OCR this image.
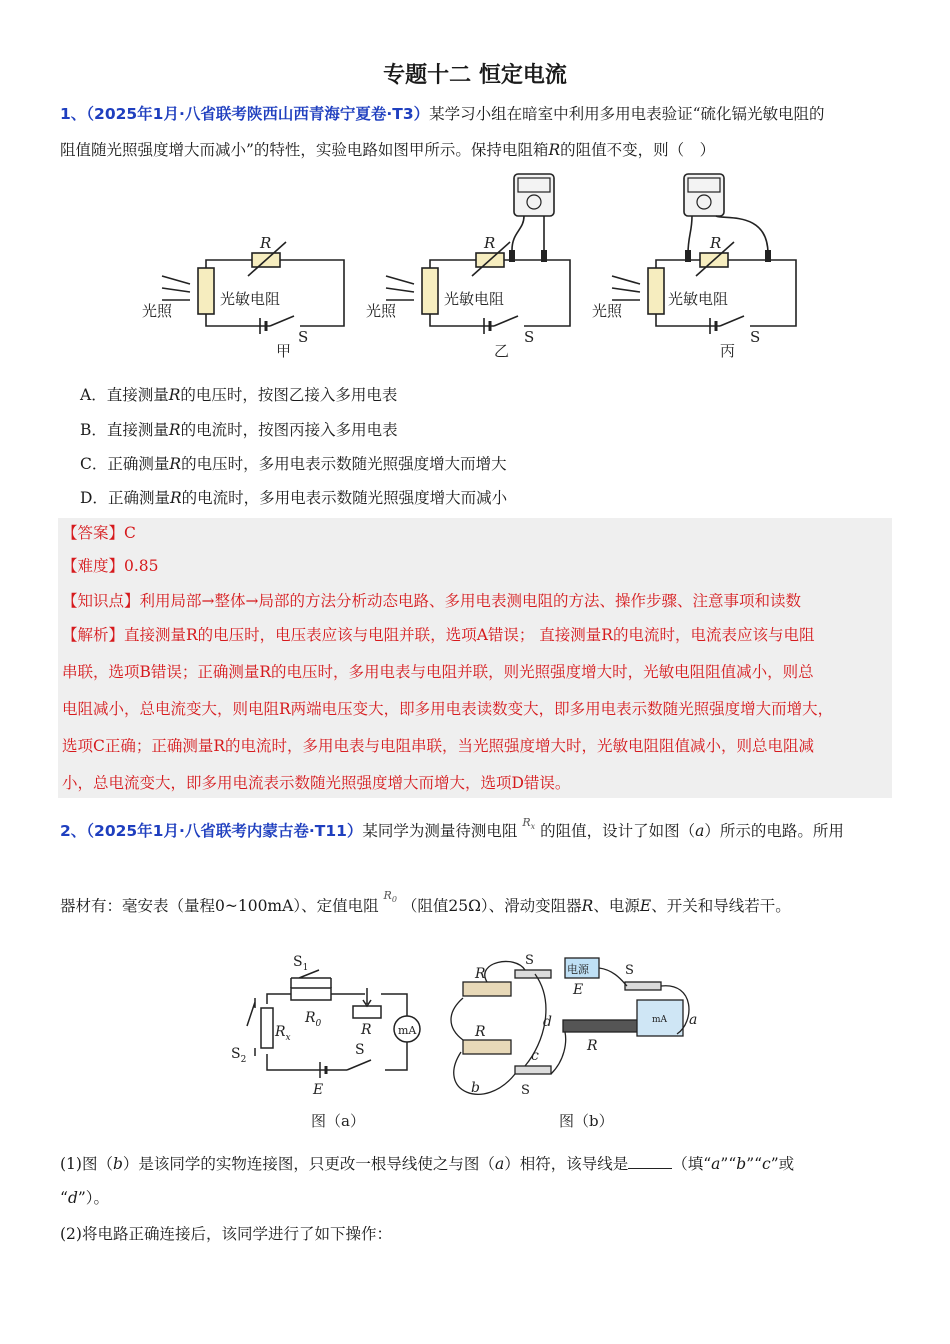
专题十二 恒定电流
1、（2025年1月·八省联考陕西山西青海宁夏卷·T3）某学习小组在暗室中利用多用电表验证“硫化镉光敏电阻的
阻值随光照强度增大而减小”的特性，实验电路如图甲所示。保持电阻箱R的阻值不变，则（　）
光照
光敏电阻
R
S
甲
光照
光敏电阻
R
S
乙
光照
光敏电阻
R
S
丙
A．直接测量R的电压时，按图乙接入多用电表
B．直接测量R的电流时，按图丙接入多用电表
C．正确测量R的电压时，多用电表示数随光照强度增大而增大
D．正确测量R的电流时，多用电表示数随光照强度增大而减小
【答案】C
【难度】0.85
【知识点】利用局部→整体→局部的方法分析动态电路、多用电表测电阻的方法、操作步骤、注意事项和读数
【解析】直接测量R的电压时，电压表应该与电阻并联，选项A错误； 直接测量R的电流时，电流表应该与电阻
串联，选项B错误；正确测量R的电压时，多用电表与电阻并联，则光照强度增大时，光敏电阻阻值减小，则总
电阻减小，总电流变大，则电阻R两端电压变大，即多用电表读数变大，即多用电表示数随光照强度增大而增大，
选项C正确；正确测量R的电流时，多用电表与电阻串联，当光照强度增大时，光敏电阻阻值减小，则总电阻减
小，总电流变大，即多用电流表示数随光照强度增大而增大，选项D错误。
2、（2025年1月·八省联考内蒙古卷·T11）某同学为测量待测电阻 $^{R_x}$ 的阻值，设计了如图（a）所示的电路。所用
器材有：毫安表（量程0~100mA）、定值电阻 $^{R_0}$ （阻值25Ω）、滑动变阻器R、电源E、开关和导线若干。
$S_1$
$R_0$	R
$R_x$
$S_2$
mA
E
S
图（a）
R
R
R
E
a
b
c
d
电源
S
S
S
mA
图（b）
(1)图（b）是该同学的实物连接图，只更改一根导线使之与图（a）相符，该导线是	（填“a”“b”“c”或
“d”）。
(2)将电路正确连接后，该同学进行了如下操作：
